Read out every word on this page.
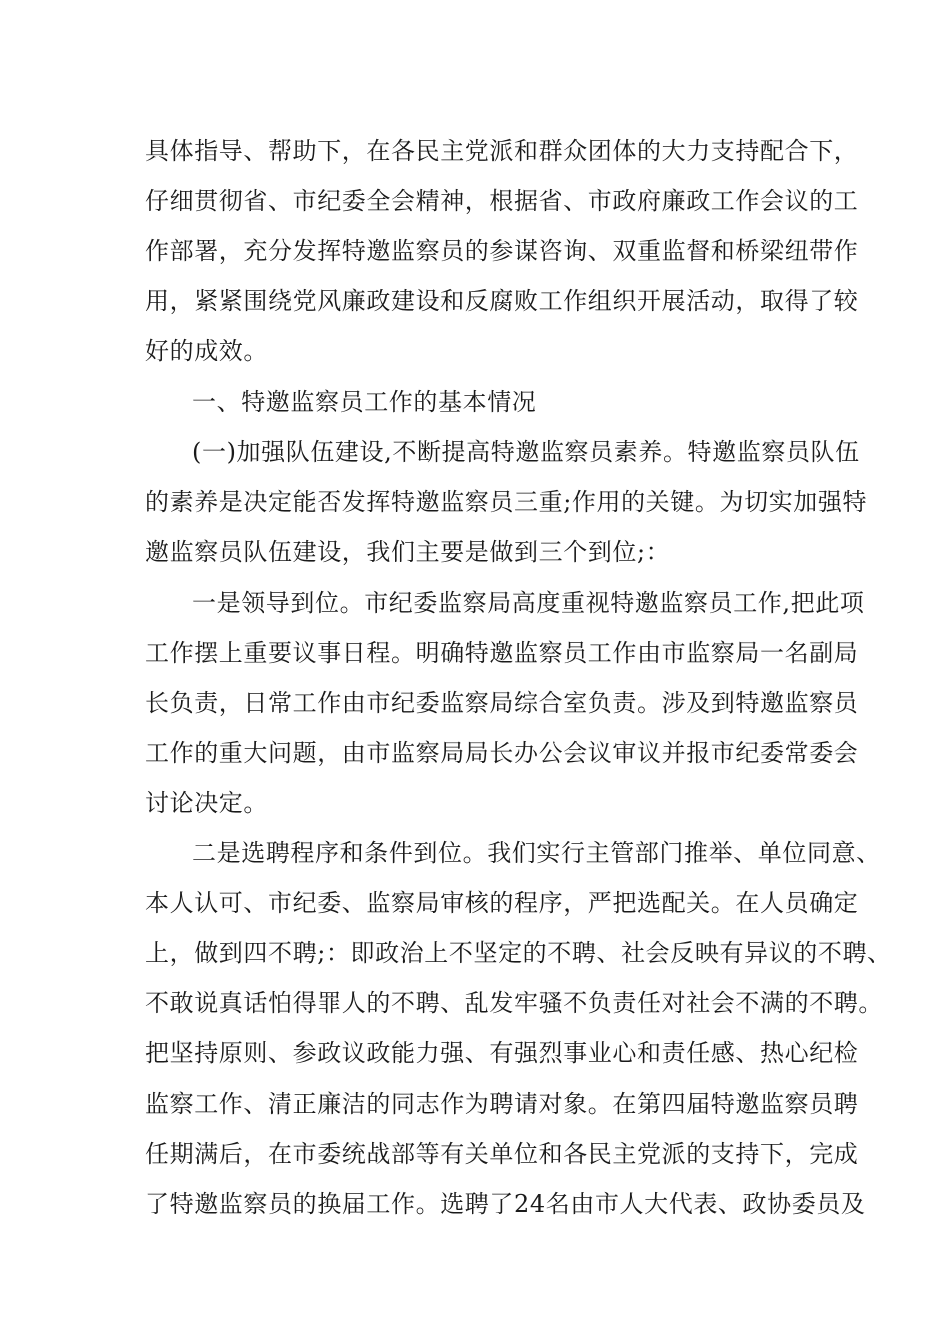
具体指导、帮助下，在各民主党派和群众团体的大力支持配合下，
仔细贯彻省、市纪委全会精神，根据省、市政府廉政工作会议的工
作部署，充分发挥特邀监察员的参谋咨询、双重监督和桥梁纽带作
用，紧紧围绕党风廉政建设和反腐败工作组织开展活动，取得了较
好的成效。
一、特邀监察员工作的基本情况
(一)加强队伍建设,不断提高特邀监察员素养。特邀监察员队伍
的素养是决定能否发挥特邀监察员三重;作用的关键。为切实加强特
邀监察员队伍建设，我们主要是做到三个到位;：
一是领导到位。市纪委监察局高度重视特邀监察员工作,把此项
工作摆上重要议事日程。明确特邀监察员工作由市监察局一名副局
长负责，日常工作由市纪委监察局综合室负责。涉及到特邀监察员
工作的重大问题，由市监察局局长办公会议审议并报市纪委常委会
讨论决定。
二是选聘程序和条件到位。我们实行主管部门推举、单位同意、
本人认可、市纪委、监察局审核的程序，严把选配关。在人员确定
上，做到四不聘;：即政治上不坚定的不聘、社会反映有异议的不聘、
不敢说真话怕得罪人的不聘、乱发牢骚不负责任对社会不满的不聘。
把坚持原则、参政议政能力强、有强烈事业心和责任感、热心纪检
监察工作、清正廉洁的同志作为聘请对象。在第四届特邀监察员聘
任期满后，在市委统战部等有关单位和各民主党派的支持下，完成
了特邀监察员的换届工作。选聘了24名由市人大代表、政协委员及
